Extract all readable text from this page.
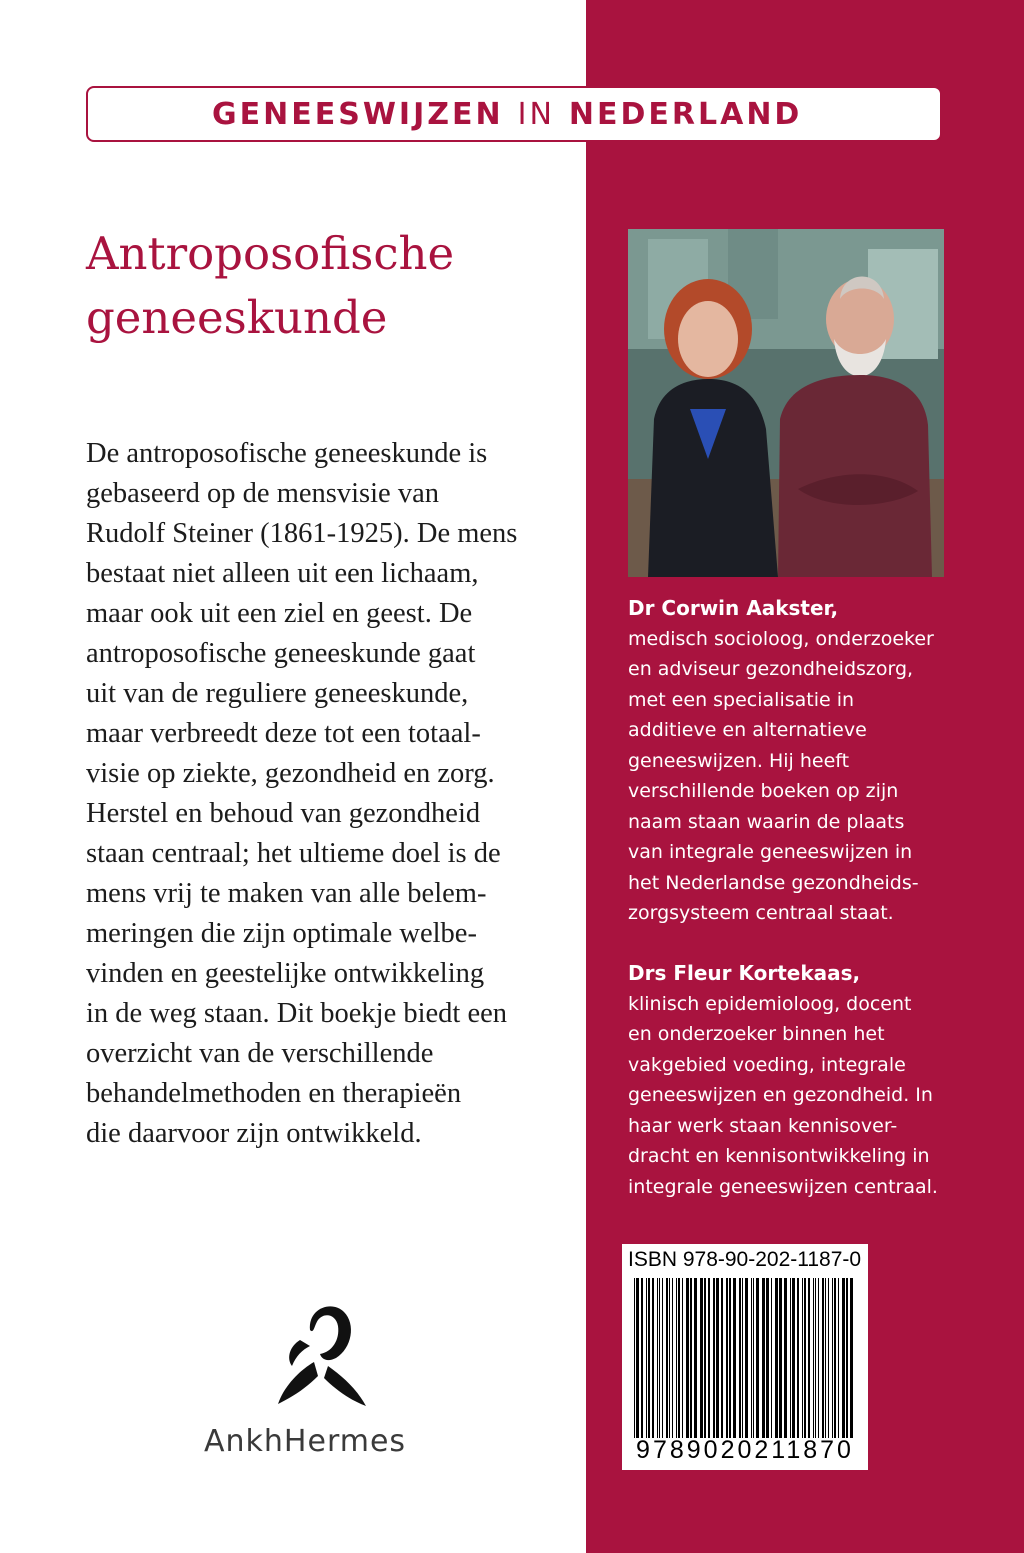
GENEESWIJZEN IN NEDERLAND
Antroposofische
geneeskunde
De antroposofische geneeskunde is
gebaseerd op de mensvisie van
Rudolf Steiner (1861-1925). De mens
bestaat niet alleen uit een lichaam,
maar ook uit een ziel en geest. De
antroposofische geneeskunde gaat
uit van de reguliere geneeskunde,
maar verbreedt deze tot een totaal-
visie op ziekte, gezondheid en zorg.
Herstel en behoud van gezondheid
staan centraal; het ultieme doel is de
mens vrij te maken van alle belem-
meringen die zijn optimale welbe-
vinden en geestelijke ontwikkeling
in de weg staan. Dit boekje biedt een
overzicht van de verschillende
behandelmethoden en therapieën
die daarvoor zijn ontwikkeld.
AnkhHermes
Dr Corwin Aakster,
medisch socioloog, onderzoeker
en adviseur gezondheidszorg,
met een specialisatie in
additieve en alternatieve
geneeswijzen. Hij heeft
verschillende boeken op zijn
naam staan waarin de plaats
van integrale geneeswijzen in
het Nederlandse gezondheids-
zorgsysteem centraal staat.
Drs Fleur Kortekaas,
klinisch epidemioloog, docent
en onderzoeker binnen het
vakgebied voeding, integrale
geneeswijzen en gezondheid. In
haar werk staan kennisover-
dracht en kennisontwikkeling in
integrale geneeswijzen centraal.
ISBN 978-90-202-1187-0
9789020211870
